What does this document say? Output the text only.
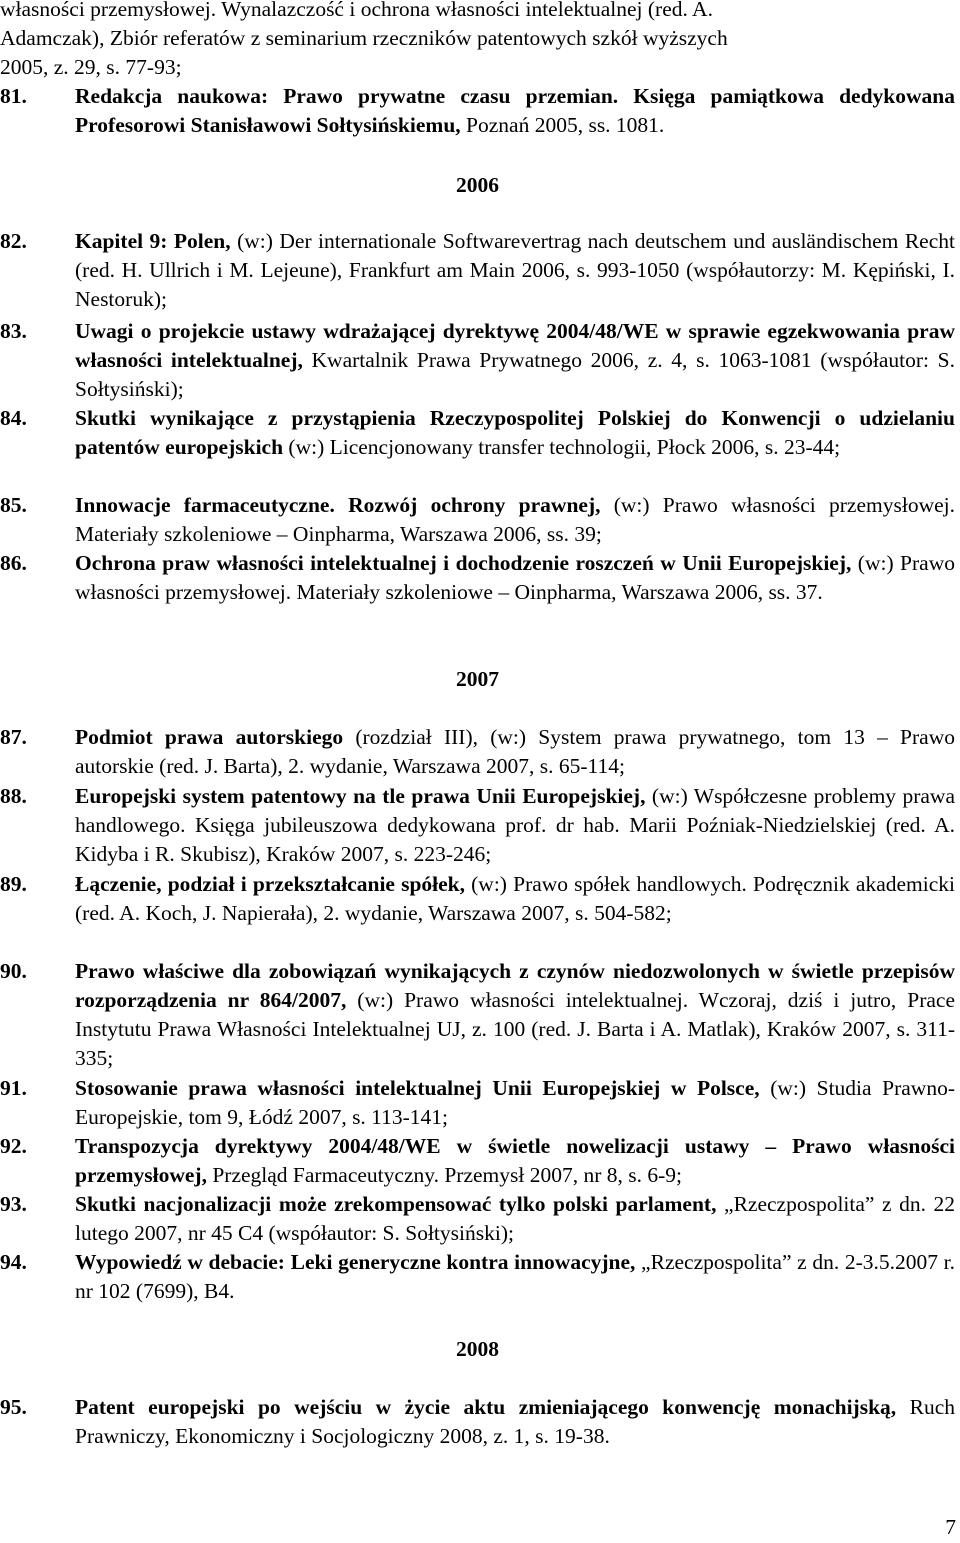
własności przemysłowej. Wynalazczość i ochrona własności intelektualnej (red. A.
Adamczak), Zbiór referatów z seminarium rzeczników patentowych szkół wyższych
2005, z. 29, s. 77-93;
81. Redakcja naukowa: Prawo prywatne czasu przemian. Księga pamiątkowa dedykowana Profesorowi Stanisławowi Sołtysińskiemu, Poznań 2005, ss. 1081.
2006
82. Kapitel 9: Polen, (w:) Der internationale Softwarevertrag nach deutschem und ausländischem Recht (red. H. Ullrich i M. Lejeune), Frankfurt am Main 2006, s. 993-1050 (współautorzy: M. Kępiński, I. Nestoruk);
83. Uwagi o projekcie ustawy wdrażającej dyrektywę 2004/48/WE w sprawie egzekwowania praw własności intelektualnej, Kwartalnik Prawa Prywatnego 2006, z. 4, s. 1063-1081 (współautor: S. Sołtysiński);
84. Skutki wynikające z przystąpienia Rzeczypospolitej Polskiej do Konwencji o udzielaniu patentów europejskich (w:) Licencjonowany transfer technologii, Płock 2006, s. 23-44;
85. Innowacje farmaceutyczne. Rozwój ochrony prawnej, (w:) Prawo własności przemysłowej. Materiały szkoleniowe – Oinpharma, Warszawa 2006, ss. 39;
86. Ochrona praw własności intelektualnej i dochodzenie roszczeń w Unii Europejskiej, (w:) Prawo własności przemysłowej. Materiały szkoleniowe – Oinpharma, Warszawa 2006, ss. 37.
2007
87. Podmiot prawa autorskiego (rozdział III), (w:) System prawa prywatnego, tom 13 – Prawo autorskie (red. J. Barta), 2. wydanie, Warszawa 2007, s. 65-114;
88. Europejski system patentowy na tle prawa Unii Europejskiej, (w:) Współczesne problemy prawa handlowego. Księga jubileuszowa dedykowana prof. dr hab. Marii Poźniak-Niedzielskiej (red. A. Kidyba i R. Skubisz), Kraków 2007, s. 223-246;
89. Łączenie, podział i przekształcanie spółek, (w:) Prawo spółek handlowych. Podręcznik akademicki (red. A. Koch, J. Napierała), 2. wydanie, Warszawa 2007, s. 504-582;
90. Prawo właściwe dla zobowiązań wynikających z czynów niedozwolonych w świetle przepisów rozporządzenia nr 864/2007, (w:) Prawo własności intelektualnej. Wczoraj, dziś i jutro, Prace Instytutu Prawa Własności Intelektualnej UJ, z. 100 (red. J. Barta i A. Matlak), Kraków 2007, s. 311-335;
91. Stosowanie prawa własności intelektualnej Unii Europejskiej w Polsce, (w:) Studia Prawno-Europejskie, tom 9, Łódź 2007, s. 113-141;
92. Transpozycja dyrektywy 2004/48/WE w świetle nowelizacji ustawy – Prawo własności przemysłowej, Przegląd Farmaceutyczny. Przemysł 2007, nr 8, s. 6-9;
93. Skutki nacjonalizacji może zrekompensować tylko polski parlament, „Rzeczpospolita” z dn. 22 lutego 2007, nr 45 C4 (współautor: S. Sołtysiński);
94. Wypowiedź w debacie: Leki generyczne kontra innowacyjne, „Rzeczpospolita” z dn. 2-3.5.2007 r. nr 102 (7699), B4.
2008
95. Patent europejski po wejściu w życie aktu zmieniającego konwencję monachijską, Ruch Prawniczy, Ekonomiczny i Socjologiczny 2008, z. 1, s. 19-38.
7
